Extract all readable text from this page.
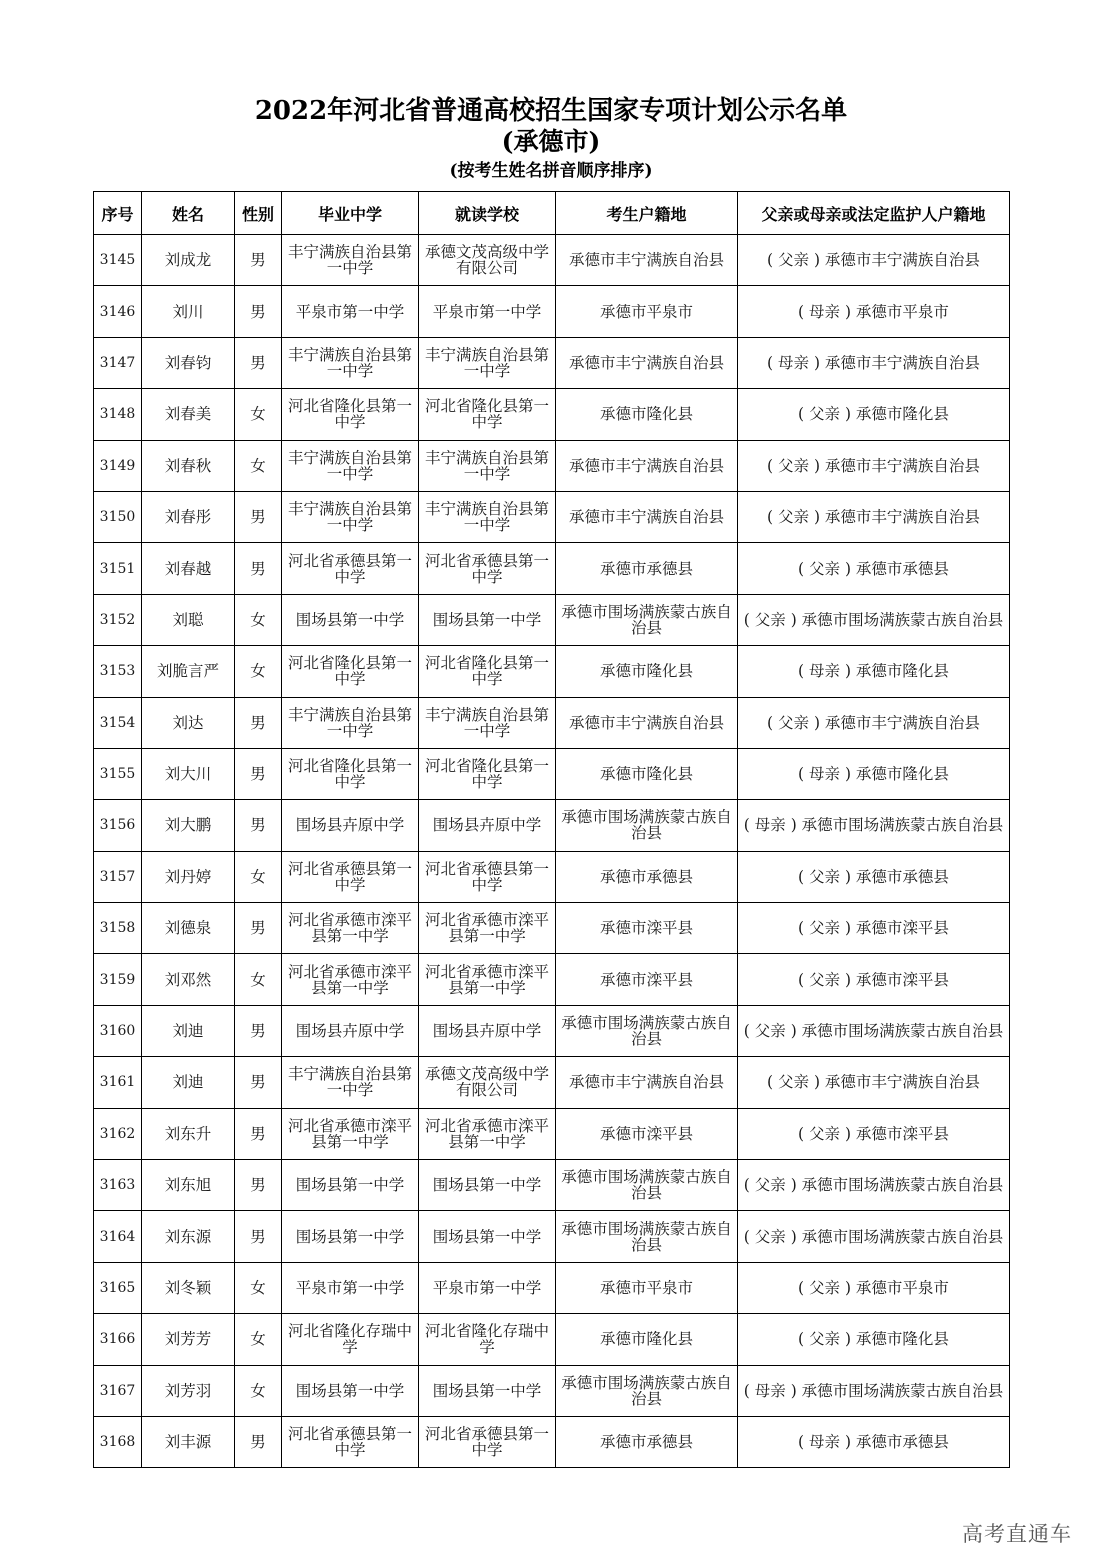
2022年河北省普通高校招生国家专项计划公示名单
(承德市)
(按考生姓名拼音顺序排序)
序号	姓名	性别	毕业中学	就读学校	考生户籍地	父亲或母亲或法定监护人户籍地
3145	刘成龙	男	丰宁满族自治县第一中学	承德文茂高级中学有限公司	承德市丰宁满族自治县	( 父亲 ) 承德市丰宁满族自治县
3146	刘川	男	平泉市第一中学	平泉市第一中学	承德市平泉市	( 母亲 ) 承德市平泉市
3147	刘春钧	男	丰宁满族自治县第一中学	丰宁满族自治县第一中学	承德市丰宁满族自治县	( 母亲 ) 承德市丰宁满族自治县
3148	刘春美	女	河北省隆化县第一中学	河北省隆化县第一中学	承德市隆化县	( 父亲 ) 承德市隆化县
3149	刘春秋	女	丰宁满族自治县第一中学	丰宁满族自治县第一中学	承德市丰宁满族自治县	( 父亲 ) 承德市丰宁满族自治县
3150	刘春彤	男	丰宁满族自治县第一中学	丰宁满族自治县第一中学	承德市丰宁满族自治县	( 父亲 ) 承德市丰宁满族自治县
3151	刘春越	男	河北省承德县第一中学	河北省承德县第一中学	承德市承德县	( 父亲 ) 承德市承德县
3152	刘聪	女	围场县第一中学	围场县第一中学	承德市围场满族蒙古族自治县	( 父亲 ) 承德市围场满族蒙古族自治县
3153	刘脆言严	女	河北省隆化县第一中学	河北省隆化县第一中学	承德市隆化县	( 母亲 ) 承德市隆化县
3154	刘达	男	丰宁满族自治县第一中学	丰宁满族自治县第一中学	承德市丰宁满族自治县	( 父亲 ) 承德市丰宁满族自治县
3155	刘大川	男	河北省隆化县第一中学	河北省隆化县第一中学	承德市隆化县	( 母亲 ) 承德市隆化县
3156	刘大鹏	男	围场县卉原中学	围场县卉原中学	承德市围场满族蒙古族自治县	( 母亲 ) 承德市围场满族蒙古族自治县
3157	刘丹婷	女	河北省承德县第一中学	河北省承德县第一中学	承德市承德县	( 父亲 ) 承德市承德县
3158	刘德泉	男	河北省承德市滦平县第一中学	河北省承德市滦平县第一中学	承德市滦平县	( 父亲 ) 承德市滦平县
3159	刘邓然	女	河北省承德市滦平县第一中学	河北省承德市滦平县第一中学	承德市滦平县	( 父亲 ) 承德市滦平县
3160	刘迪	男	围场县卉原中学	围场县卉原中学	承德市围场满族蒙古族自治县	( 父亲 ) 承德市围场满族蒙古族自治县
3161	刘迪	男	丰宁满族自治县第一中学	承德文茂高级中学有限公司	承德市丰宁满族自治县	( 父亲 ) 承德市丰宁满族自治县
3162	刘东升	男	河北省承德市滦平县第一中学	河北省承德市滦平县第一中学	承德市滦平县	( 父亲 ) 承德市滦平县
3163	刘东旭	男	围场县第一中学	围场县第一中学	承德市围场满族蒙古族自治县	( 父亲 ) 承德市围场满族蒙古族自治县
3164	刘东源	男	围场县第一中学	围场县第一中学	承德市围场满族蒙古族自治县	( 父亲 ) 承德市围场满族蒙古族自治县
3165	刘冬颖	女	平泉市第一中学	平泉市第一中学	承德市平泉市	( 父亲 ) 承德市平泉市
3166	刘芳芳	女	河北省隆化存瑞中学	河北省隆化存瑞中学	承德市隆化县	( 父亲 ) 承德市隆化县
3167	刘芳羽	女	围场县第一中学	围场县第一中学	承德市围场满族蒙古族自治县	( 母亲 ) 承德市围场满族蒙古族自治县
3168	刘丰源	男	河北省承德县第一中学	河北省承德县第一中学	承德市承德县	( 母亲 ) 承德市承德县
高考直通车
